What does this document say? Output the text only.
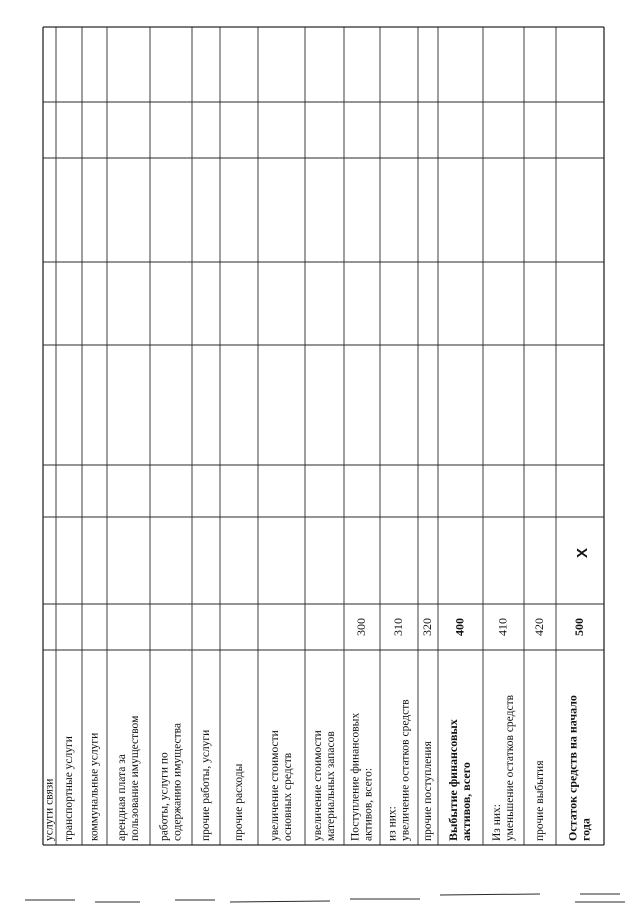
услуги связи транспортные услуги коммунальные услуги арендная плата запользование имуществом работы, услуги посодержанию имущества прочие работы, услуги прочие расходы увеличение стоимостиосновных средств увеличение стоимостиматериальных запасов Поступление финансовыхактивов, всего:
300
из них:увеличение остатков средств
310
прочие поступления
320
Выбытие финансовыхактивов, всего
400
Из них:уменьшение остатков средств
410
прочие выбытия
420
Остаток средств на началогода
500
X
